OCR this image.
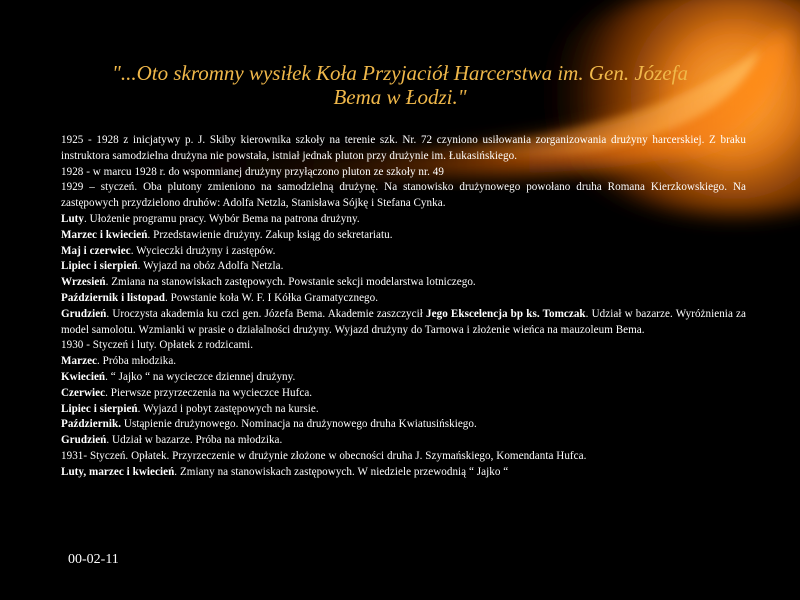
"...Oto skromny wysiłek Koła Przyjaciół Harcerstwa im. Gen. Józefa
Bema w Łodzi."

1925 - 1928 z inicjatywy p. J. Skiby kierownika szkoły na terenie szk. Nr. 72 czyniono usiłowania zorganizowania drużyny harcerskiej. Z braku instruktora samodzielna drużyna nie powstała, istniał jednak pluton przy drużynie im. Łukasińskiego.

1928 - w marcu 1928 r. do wspomnianej drużyny przyłączono pluton ze szkoły nr. 49

1929 – styczeń. Oba plutony zmieniono na samodzielną drużynę. Na stanowisko drużynowego powołano druha Romana Kierzkowskiego. Na zastępowych przydzielono druhów: Adolfa Netzla, Stanisława Sójkę i Stefana Cynka.

Luty. Ułożenie programu pracy. Wybór Bema na patrona drużyny.

Marzec i kwiecień. Przedstawienie drużyny. Zakup ksiąg do sekretariatu.

Maj i czerwiec. Wycieczki drużyny i zastępów.

Lipiec i sierpień. Wyjazd na obóz Adolfa Netzla.

Wrzesień. Zmiana na stanowiskach zastępowych. Powstanie sekcji modelarstwa lotniczego.

Październik i listopad. Powstanie koła W. F. I Kółka Gramatycznego.

Grudzień. Uroczysta akademia ku czci gen. Józefa Bema. Akademie zaszczycił Jego Ekscelencja bp ks. Tomczak. Udział w bazarze. Wyróżnienia za model samolotu. Wzmianki w prasie o działalności drużyny. Wyjazd drużyny do Tarnowa i złożenie wieńca na mauzoleum Bema.

1930 - Styczeń i luty. Opłatek z rodzicami.

Marzec. Próba młodzika.

Kwiecień. “ Jajko “ na wycieczce dziennej drużyny.

Czerwiec. Pierwsze przyrzeczenia na wycieczce Hufca.

Lipiec i sierpień. Wyjazd i pobyt zastępowych na kursie.

Październik. Ustąpienie drużynowego. Nominacja na drużynowego druha Kwiatusińskiego.

Grudzień. Udział w bazarze. Próba na młodzika.

1931- Styczeń. Opłatek. Przyrzeczenie w drużynie złożone w obecności druha J. Szymańskiego, Komendanta Hufca.

Luty, marzec i kwiecień. Zmiany na stanowiskach zastępowych. W niedziele przewodnią “ Jajko “

00-02-11
